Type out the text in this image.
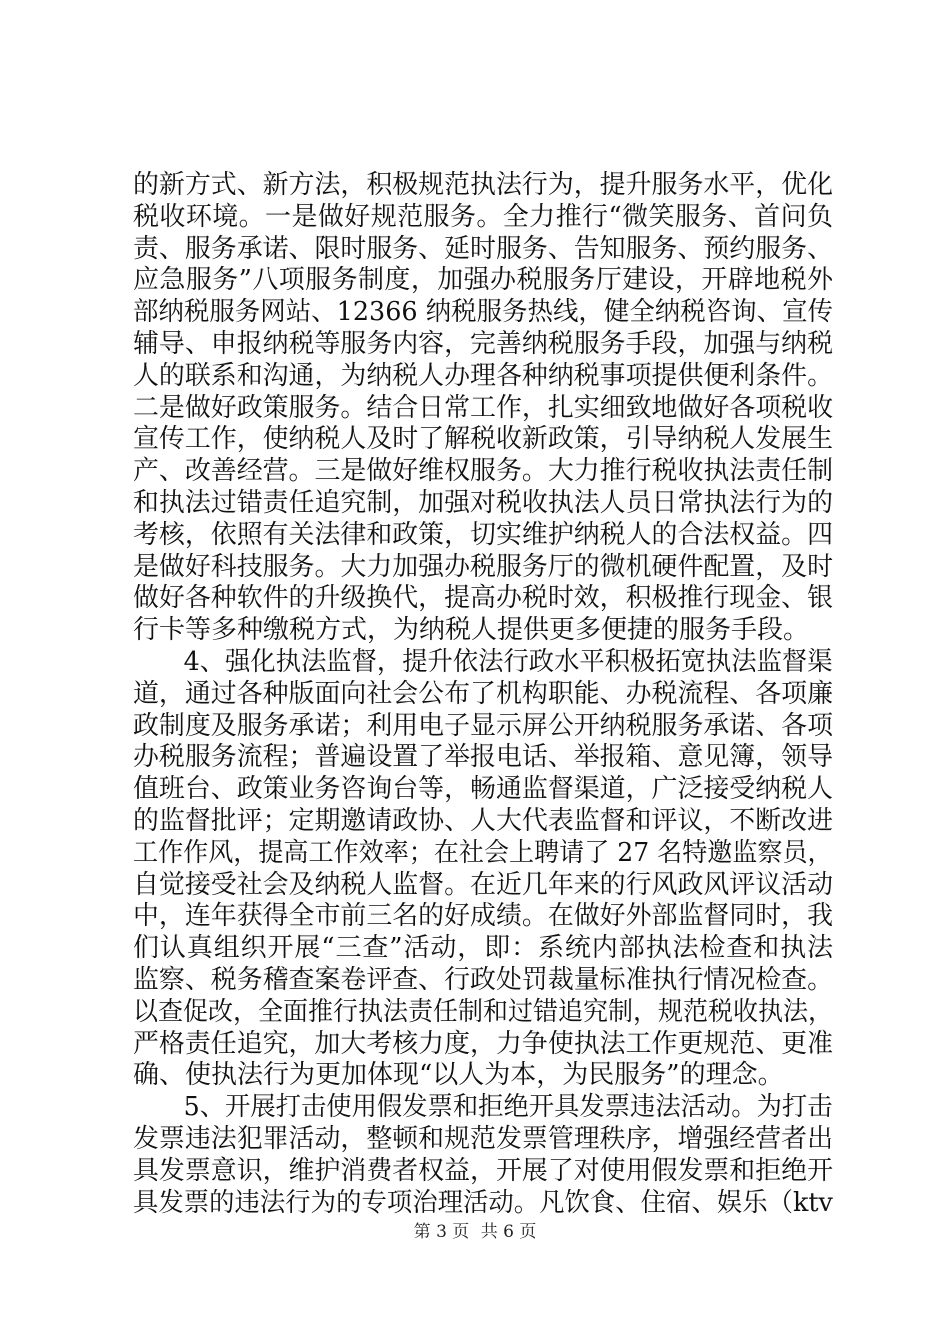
的新方式、新方法，积极规范执法行为，提升服务水平，优化
税收环境。一是做好规范服务。全力推行“微笑服务、首问负
责、服务承诺、限时服务、延时服务、告知服务、预约服务、
应急服务”八项服务制度，加强办税服务厅建设，开辟地税外
部纳税服务网站、12366 纳税服务热线，健全纳税咨询、宣传
辅导、申报纳税等服务内容，完善纳税服务手段，加强与纳税
人的联系和沟通，为纳税人办理各种纳税事项提供便利条件。
二是做好政策服务。结合日常工作，扎实细致地做好各项税收
宣传工作，使纳税人及时了解税收新政策，引导纳税人发展生
产、改善经营。三是做好维权服务。大力推行税收执法责任制
和执法过错责任追究制，加强对税收执法人员日常执法行为的
考核，依照有关法律和政策，切实维护纳税人的合法权益。四
是做好科技服务。大力加强办税服务厅的微机硬件配置，及时
做好各种软件的升级换代，提高办税时效，积极推行现金、银
行卡等多种缴税方式，为纳税人提供更多便捷的服务手段。
　　4、强化执法监督，提升依法行政水平积极拓宽执法监督渠
道，通过各种版面向社会公布了机构职能、办税流程、各项廉
政制度及服务承诺；利用电子显示屏公开纳税服务承诺、各项
办税服务流程；普遍设置了举报电话、举报箱、意见簿，领导
值班台、政策业务咨询台等，畅通监督渠道，广泛接受纳税人
的监督批评；定期邀请政协、人大代表监督和评议，不断改进
工作作风，提高工作效率；在社会上聘请了 27 名特邀监察员，
自觉接受社会及纳税人监督。在近几年来的行风政风评议活动
中，连年获得全市前三名的好成绩。在做好外部监督同时，我
们认真组织开展“三查”活动，即：系统内部执法检查和执法
监察、税务稽查案卷评查、行政处罚裁量标准执行情况检查。
以查促改，全面推行执法责任制和过错追究制，规范税收执法，
严格责任追究，加大考核力度，力争使执法工作更规范、更准
确、使执法行为更加体现“以人为本，为民服务”的理念。
　　5、开展打击使用假发票和拒绝开具发票违法活动。为打击
发票违法犯罪活动，整顿和规范发票管理秩序，增强经营者出
具发票意识，维护消费者权益，开展了对使用假发票和拒绝开
具发票的违法行为的专项治理活动。凡饮食、住宿、娱乐（ktv
第 3 页 共 6 页
